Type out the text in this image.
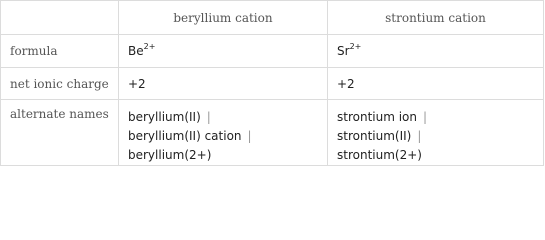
	beryllium cation	strontium cation
formula	$Be^{2+}$	$Sr^{2+}$
net ionic charge	+2	+2
alternate names	beryllium(II) |
beryllium(II) cation |
beryllium(2+)	strontium ion |
strontium(II) |
strontium(2+)
